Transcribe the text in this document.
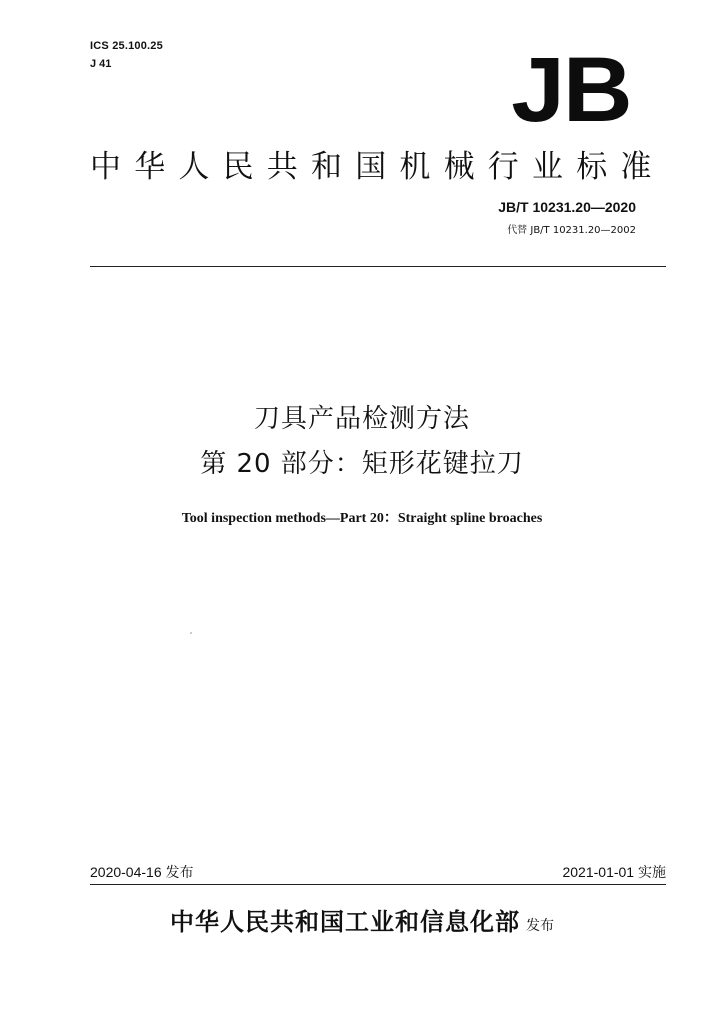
ICS 25.100.25
J 41	JB
中华人民共和国机械行业标准
JB/T 10231.20—2020
代替 JB/T 10231.20—2002
刀具产品检测方法
第 20 部分：矩形花键拉刀
Tool inspection methods—Part 20：Straight spline broaches
2020-04-16 发布	2021-01-01 实施
中华人民共和国工业和信息化部 发布
